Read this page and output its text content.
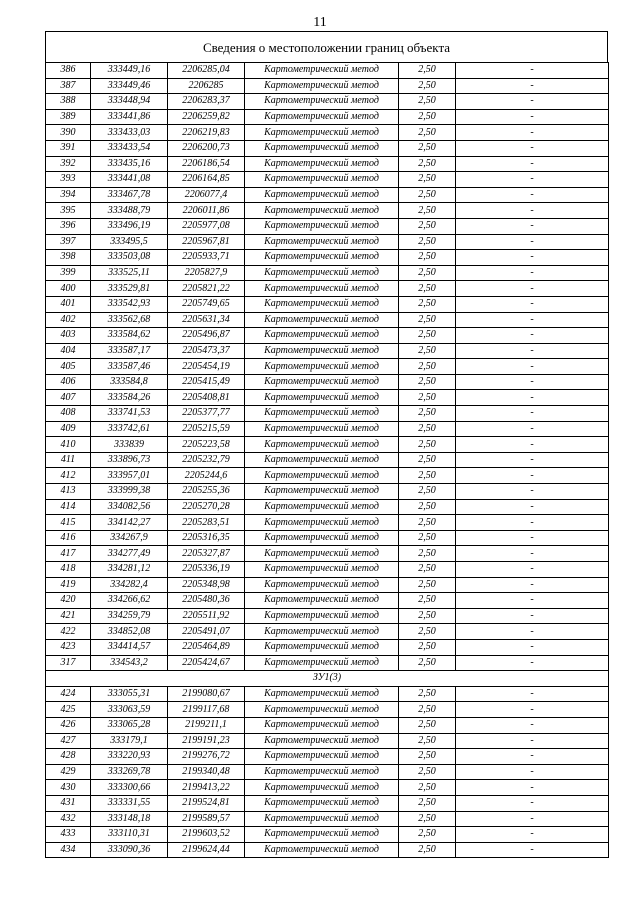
11
Сведения о местоположении границ объекта
386	333449,16	2206285,04	Картометрический метод	2,50	-
387	333449,46	2206285	Картометрический метод	2,50	-
388	333448,94	2206283,37	Картометрический метод	2,50	-
389	333441,86	2206259,82	Картометрический метод	2,50	-
390	333433,03	2206219,83	Картометрический метод	2,50	-
391	333433,54	2206200,73	Картометрический метод	2,50	-
392	333435,16	2206186,54	Картометрический метод	2,50	-
393	333441,08	2206164,85	Картометрический метод	2,50	-
394	333467,78	2206077,4	Картометрический метод	2,50	-
395	333488,79	2206011,86	Картометрический метод	2,50	-
396	333496,19	2205977,08	Картометрический метод	2,50	-
397	333495,5	2205967,81	Картометрический метод	2,50	-
398	333503,08	2205933,71	Картометрический метод	2,50	-
399	333525,11	2205827,9	Картометрический метод	2,50	-
400	333529,81	2205821,22	Картометрический метод	2,50	-
401	333542,93	2205749,65	Картометрический метод	2,50	-
402	333562,68	2205631,34	Картометрический метод	2,50	-
403	333584,62	2205496,87	Картометрический метод	2,50	-
404	333587,17	2205473,37	Картометрический метод	2,50	-
405	333587,46	2205454,19	Картометрический метод	2,50	-
406	333584,8	2205415,49	Картометрический метод	2,50	-
407	333584,26	2205408,81	Картометрический метод	2,50	-
408	333741,53	2205377,77	Картометрический метод	2,50	-
409	333742,61	2205215,59	Картометрический метод	2,50	-
410	333839	2205223,58	Картометрический метод	2,50	-
411	333896,73	2205232,79	Картометрический метод	2,50	-
412	333957,01	2205244,6	Картометрический метод	2,50	-
413	333999,38	2205255,36	Картометрический метод	2,50	-
414	334082,56	2205270,28	Картометрический метод	2,50	-
415	334142,27	2205283,51	Картометрический метод	2,50	-
416	334267,9	2205316,35	Картометрический метод	2,50	-
417	334277,49	2205327,87	Картометрический метод	2,50	-
418	334281,12	2205336,19	Картометрический метод	2,50	-
419	334282,4	2205348,98	Картометрический метод	2,50	-
420	334266,62	2205480,36	Картометрический метод	2,50	-
421	334259,79	2205511,92	Картометрический метод	2,50	-
422	334852,08	2205491,07	Картометрический метод	2,50	-
423	334414,57	2205464,89	Картометрический метод	2,50	-
317	334543,2	2205424,67	Картометрический метод	2,50	-
ЗУ1(3)					
424	333055,31	2199080,67	Картометрический метод	2,50	-
425	333063,59	2199117,68	Картометрический метод	2,50	-
426	333065,28	2199211,1	Картометрический метод	2,50	-
427	333179,1	2199191,23	Картометрический метод	2,50	-
428	333220,93	2199276,72	Картометрический метод	2,50	-
429	333269,78	2199340,48	Картометрический метод	2,50	-
430	333300,66	2199413,22	Картометрический метод	2,50	-
431	333331,55	2199524,81	Картометрический метод	2,50	-
432	333148,18	2199589,57	Картометрический метод	2,50	-
433	333110,31	2199603,52	Картометрический метод	2,50	-
434	333090,36	2199624,44	Картометрический метод	2,50	-
